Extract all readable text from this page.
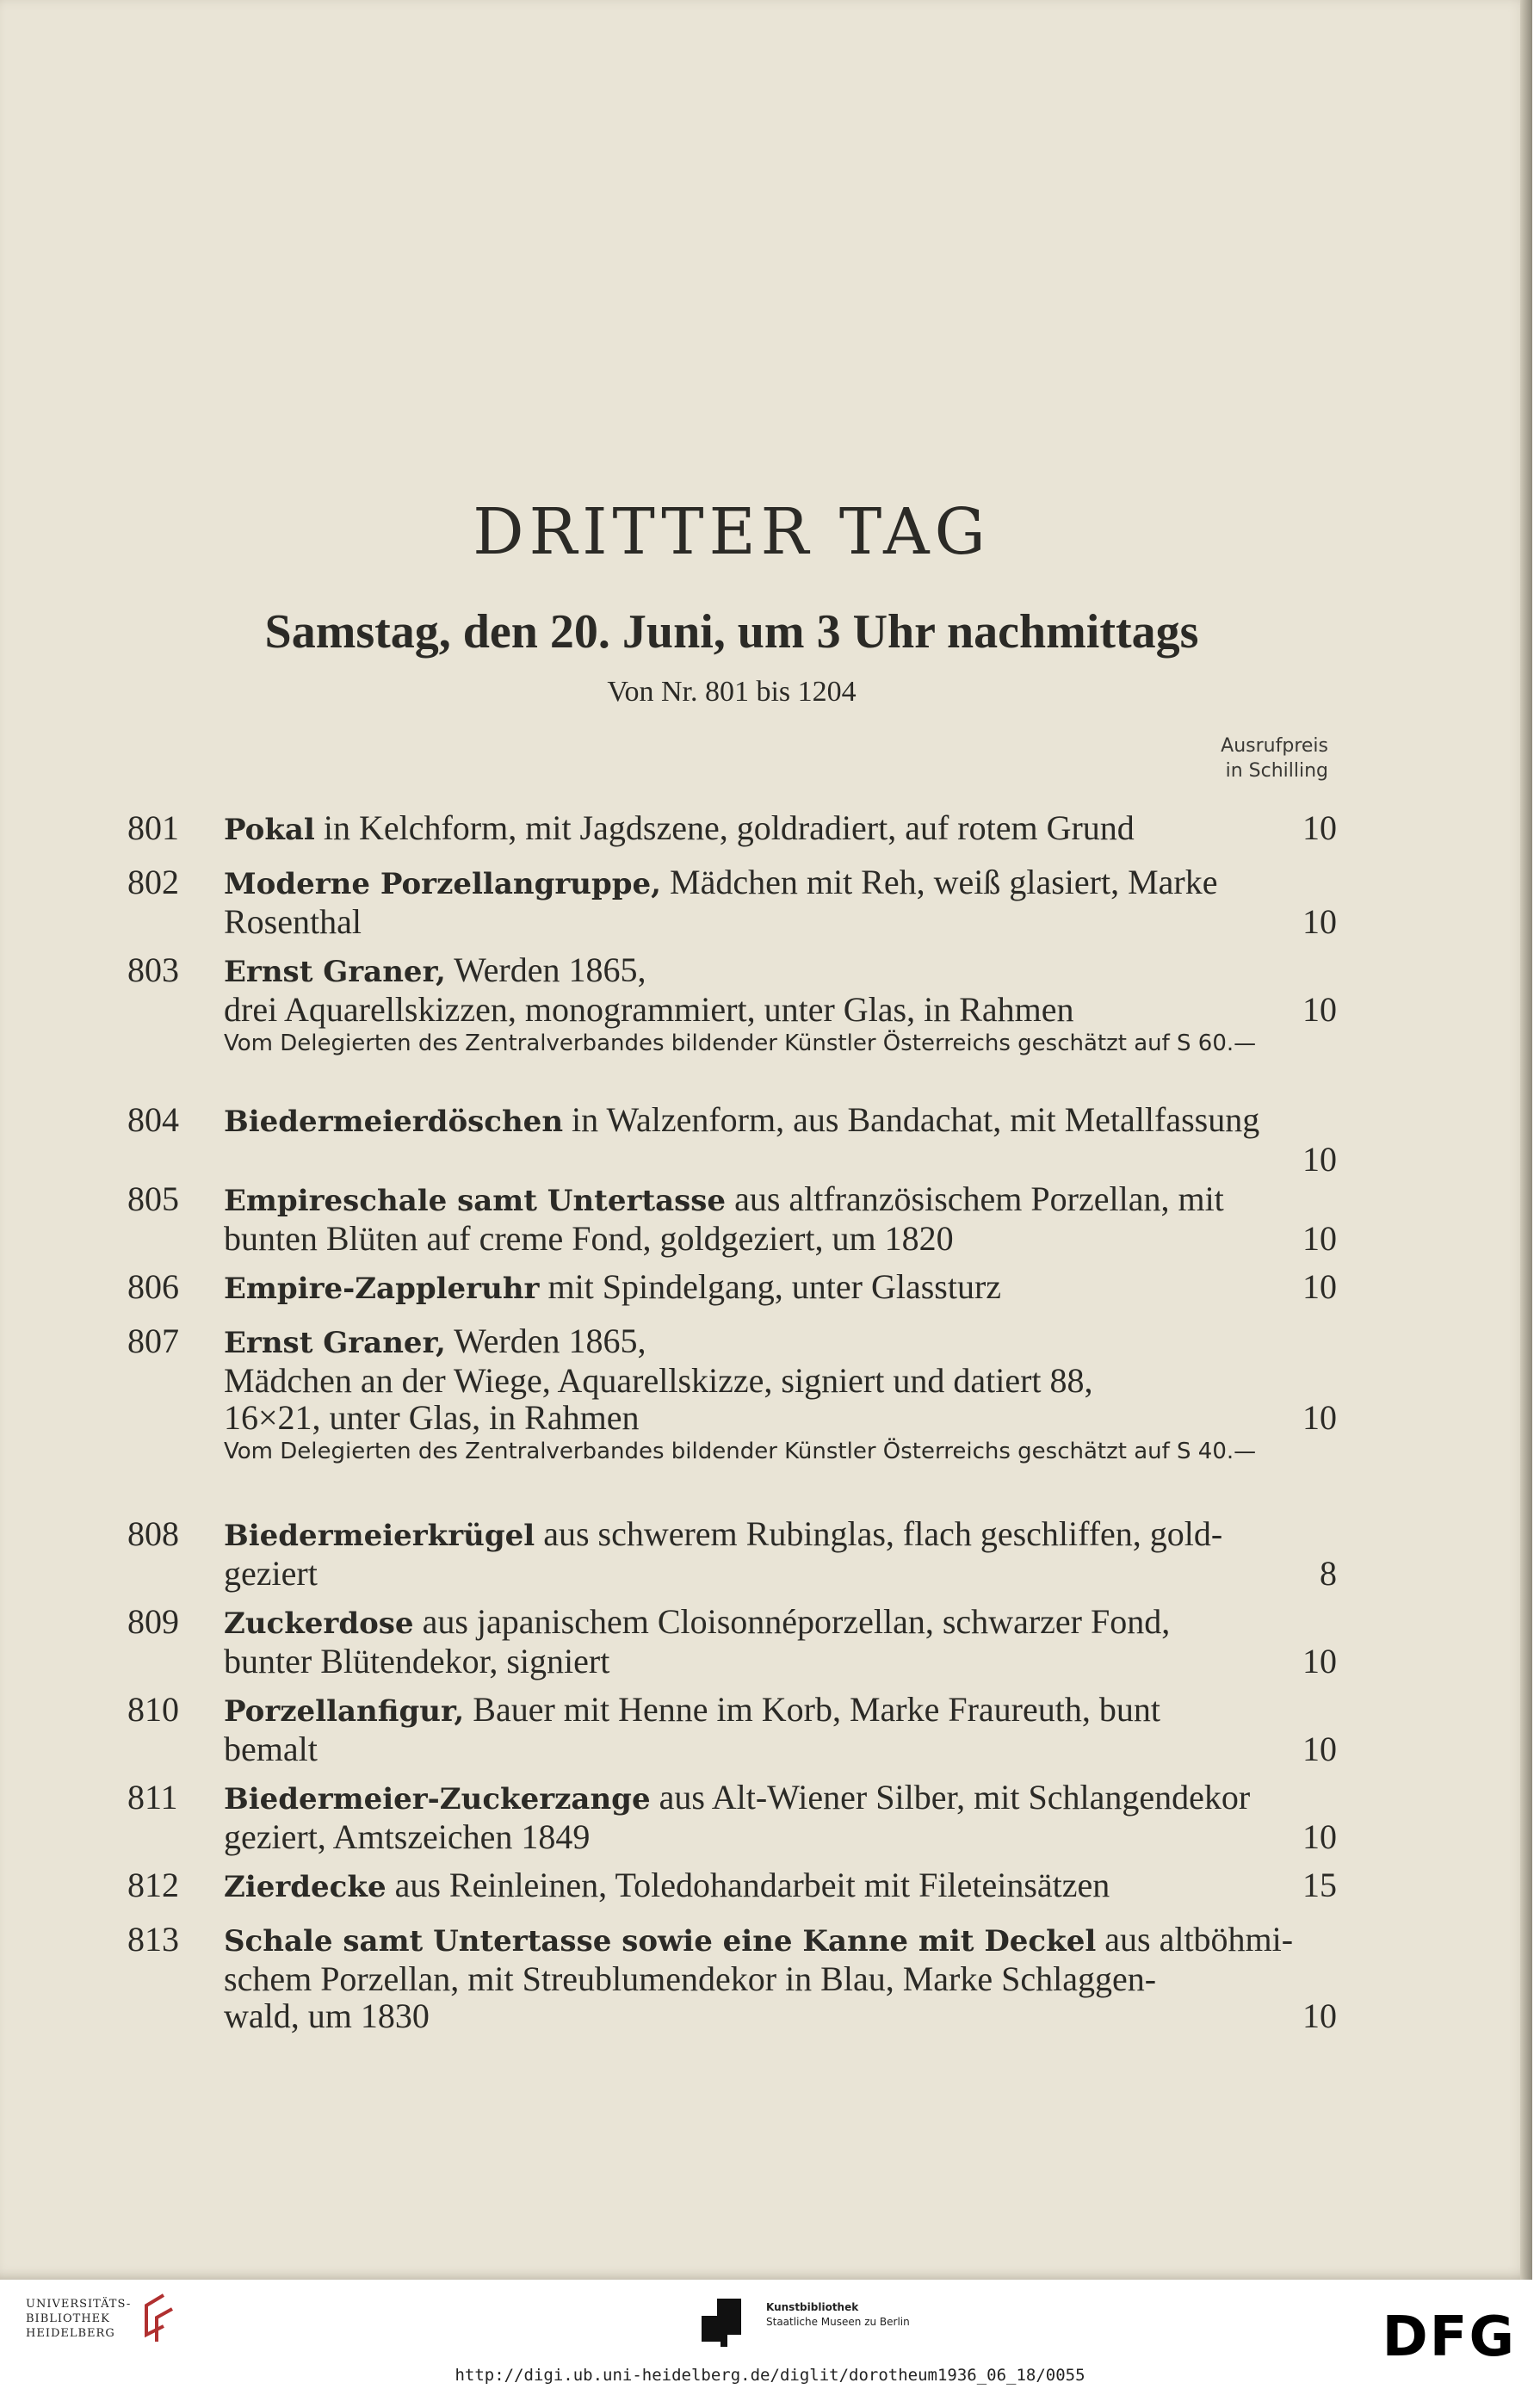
DRITTER TAG
Samstag, den 20. Juni, um 3 Uhr nachmittags
Von Nr. 801 bis 1204
Ausrufpreis
in Schilling
801	Pokal in Kelchform, mit Jagdszene, goldradiert, auf rotem Grund	10
802	Moderne Porzellangruppe, Mädchen mit Reh, weiß glasiert, Marke
Rosenthal	10
803	Ernst Graner, Werden 1865,
drei Aquarellskizzen, monogrammiert, unter Glas, in Rahmen	10
Vom Delegierten des Zentralverbandes bildender Künstler Österreichs geschätzt auf S 60.—
804	Biedermeierdöschen in Walzenform, aus Bandachat, mit Metallfassung
10
805	Empireschale samt Untertasse aus altfranzösischem Porzellan, mit
bunten Blüten auf creme Fond, goldgeziert, um 1820	10
806	Empire-Zappleruhr mit Spindelgang, unter Glassturz	10
807	Ernst Graner, Werden 1865,
Mädchen an der Wiege, Aquarellskizze, signiert und datiert 88,
16×21, unter Glas, in Rahmen	10
Vom Delegierten des Zentralverbandes bildender Künstler Österreichs geschätzt auf S 40.—
808	Biedermeierkrügel aus schwerem Rubinglas, flach geschliffen, gold-
geziert	8
809	Zuckerdose aus japanischem Cloisonnéporzellan, schwarzer Fond,
bunter Blütendekor, signiert	10
810	Porzellanfigur, Bauer mit Henne im Korb, Marke Fraureuth, bunt
bemalt	10
811	Biedermeier-Zuckerzange aus Alt-Wiener Silber, mit Schlangendekor
geziert, Amtszeichen 1849	10
812	Zierdecke aus Reinleinen, Toledohandarbeit mit Fileteinsätzen	15
813	Schale samt Untertasse sowie eine Kanne mit Deckel aus altböhmi-
schem Porzellan, mit Streublumendekor in Blau, Marke Schlaggen-
wald, um 1830	10
UNIVERSITÄTS-
BIBLIOTHEK
HEIDELBERG
Kunstbibliothek
Staatliche Museen zu Berlin	DFG
http://digi.ub.uni-heidelberg.de/diglit/dorotheum1936_06_18/0055
